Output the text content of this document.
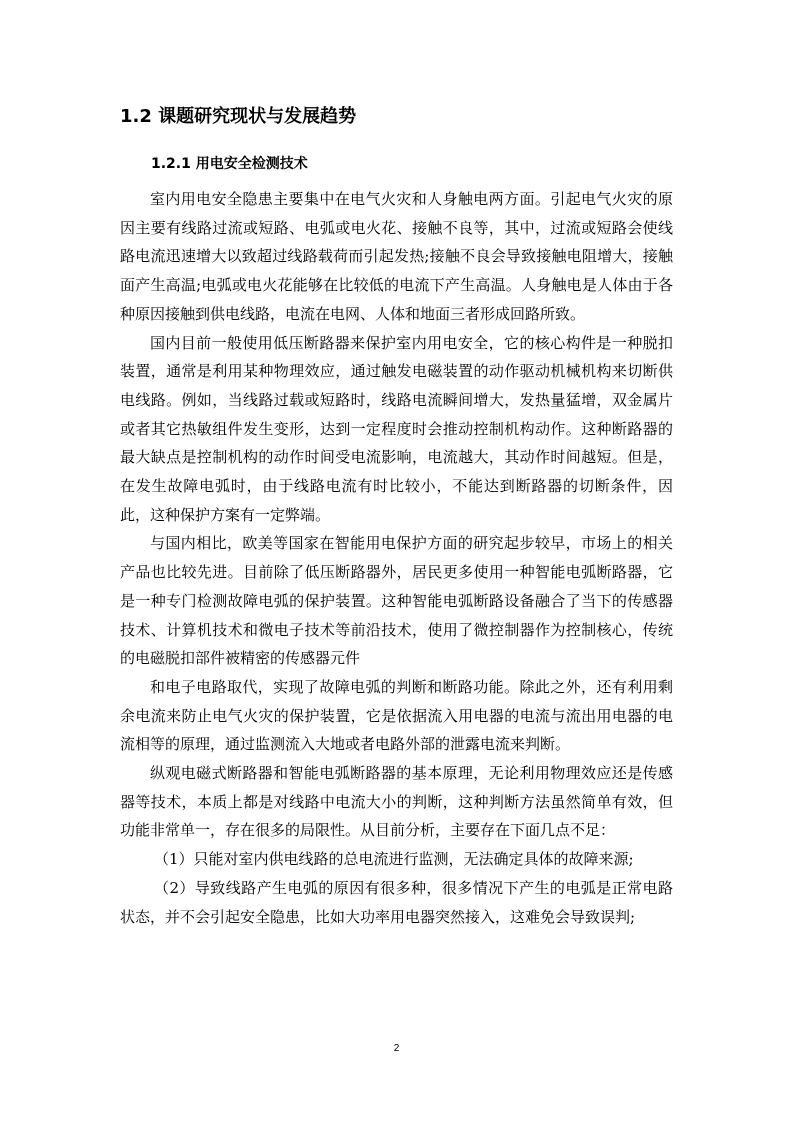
1.2 课题研究现状与发展趋势
1.2.1 用电安全检测技术

室内用电安全隐患主要集中在电气火灾和人身触电两方面。引起电气火灾的原因主要有线路过流或短路、电弧或电火花、接触不良等，其中，过流或短路会使线路电流迅速增大以致超过线路载荷而引起发热;接触不良会导致接触电阻增大，接触面产生高温;电弧或电火花能够在比较低的电流下产生高温。人身触电是人体由于各种原因接触到供电线路，电流在电网、人体和地面三者形成回路所致。

国内目前一般使用低压断路器来保护室内用电安全，它的核心构件是一种脱扣装置，通常是利用某种物理效应，通过触发电磁装置的动作驱动机械机构来切断供电线路。例如，当线路过载或短路时，线路电流瞬间增大，发热量猛增，双金属片或者其它热敏组件发生变形，达到一定程度时会推动控制机构动作。这种断路器的最大缺点是控制机构的动作时间受电流影响，电流越大，其动作时间越短。但是，在发生故障电弧时，由于线路电流有时比较小，不能达到断路器的切断条件，因此，这种保护方案有一定弊端。

与国内相比，欧美等国家在智能用电保护方面的研究起步较早，市场上的相关产品也比较先进。目前除了低压断路器外，居民更多使用一种智能电弧断路器，它是一种专门检测故障电弧的保护装置。这种智能电弧断路设备融合了当下的传感器技术、计算机技术和微电子技术等前沿技术，使用了微控制器作为控制核心，传统的电磁脱扣部件被精密的传感器元件

和电子电路取代，实现了故障电弧的判断和断路功能。除此之外，还有利用剩余电流来防止电气火灾的保护装置，它是依据流入用电器的电流与流出用电器的电流相等的原理，通过监测流入大地或者电路外部的泄露电流来判断。

纵观电磁式断路器和智能电弧断路器的基本原理，无论利用物理效应还是传感器等技术，本质上都是对线路中电流大小的判断，这种判断方法虽然简单有效，但功能非常单一，存在很多的局限性。从目前分析，主要存在下面几点不足：

（1）只能对室内供电线路的总电流进行监测，无法确定具体的故障来源;

（2）导致线路产生电弧的原因有很多种，很多情况下产生的电弧是正常电路状态，并不会引起安全隐患，比如大功率用电器突然接入，这难免会导致误判;

2
